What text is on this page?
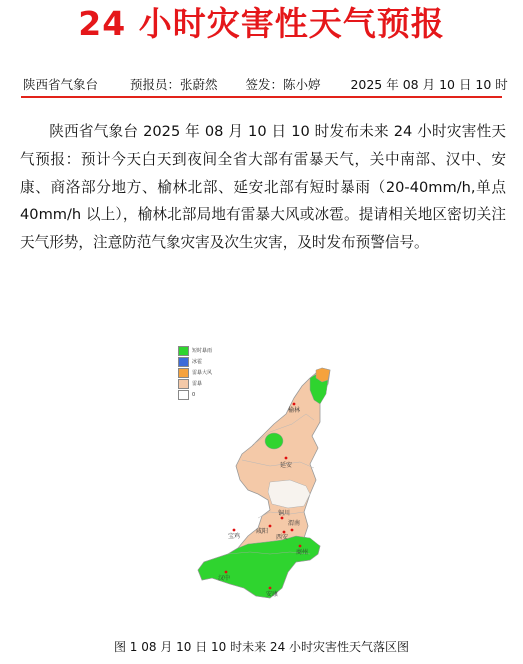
24 小时灾害性天气预报
陕西省气象台	预报员：张蔚然 签发：陈小婷 2025 年 08 月 10 日 10 时

陕西省气象台 2025 年 08 月 10 日 10 时发布未来 24 小时灾害性天气预报：预计今天白天到夜间全省大部有雷暴天气，关中南部、汉中、安康、商洛部分地方、榆林北部、延安北部有短时暴雨（20-40mm/h,单点 40mm/h 以上），榆林北部局地有雷暴大风或冰雹。提请相关地区密切关注天气形势，注意防范气象灾害及次生灾害，及时发布预警信号。

榆林
延安
铜川
宝鸡
咸阳
渭南
西安
商州
汉中
安康
短时暴雨
冰雹
雷暴大风
雷暴
0
图 1 08 月 10 日 10 时未来 24 小时灾害性天气落区图
